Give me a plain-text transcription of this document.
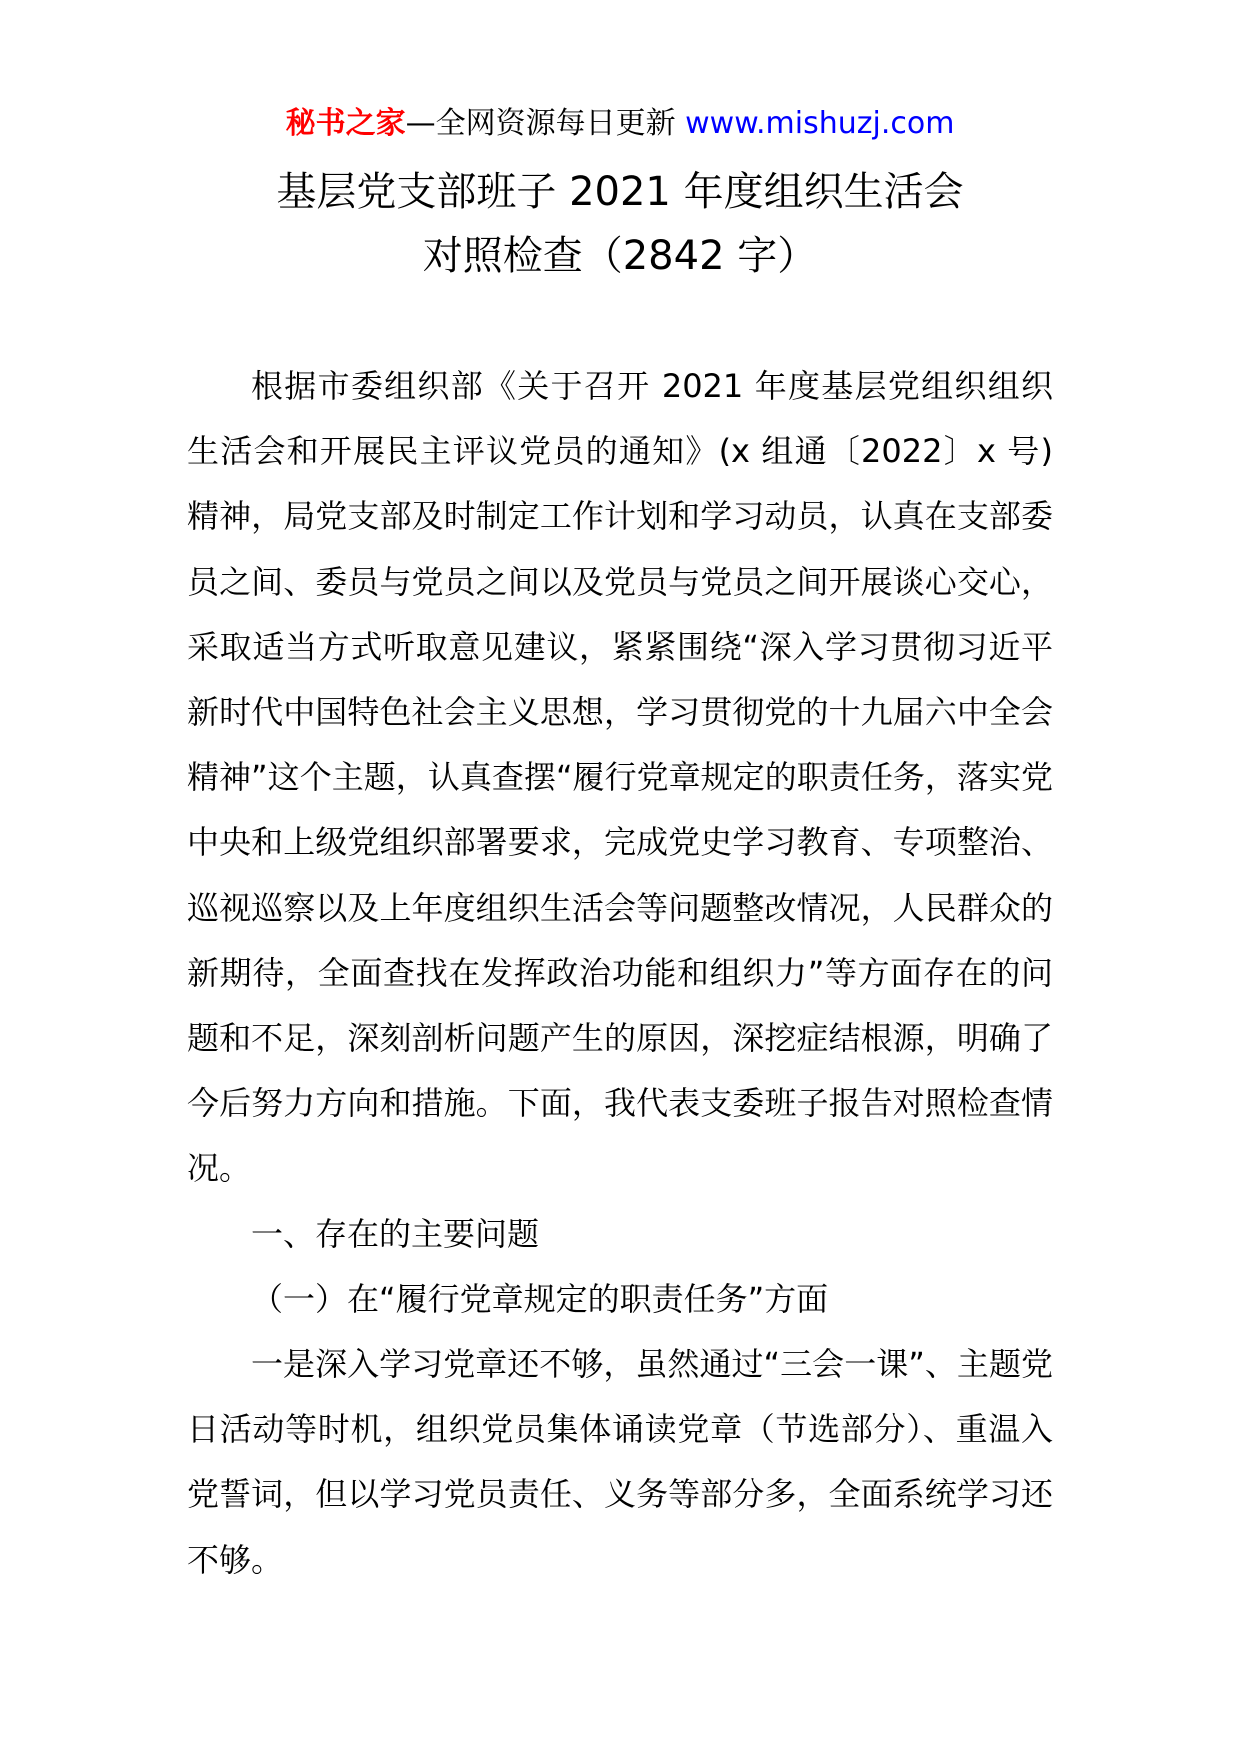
秘书之家—全网资源每日更新 www.mishuzj.com
基层党支部班子 2021 年度组织生活会
对照检查（2842 字）

根据市委组织部《关于召开 2021 年度基层党组织组织生活会和开展民主评议党员的通知》(x 组通〔2022〕x 号)精神，局党支部及时制定工作计划和学习动员，认真在支部委员之间、委员与党员之间以及党员与党员之间开展谈心交心，采取适当方式听取意见建议，紧紧围绕“深入学习贯彻习近平新时代中国特色社会主义思想，学习贯彻党的十九届六中全会精神”这个主题，认真查摆“履行党章规定的职责任务，落实党中央和上级党组织部署要求，完成党史学习教育、专项整治、巡视巡察以及上年度组织生活会等问题整改情况，人民群众的新期待，全面查找在发挥政治功能和组织力”等方面存在的问题和不足，深刻剖析问题产生的原因，深挖症结根源，明确了今后努力方向和措施。下面，我代表支委班子报告对照检查情况。

一、存在的主要问题

（一）在“履行党章规定的职责任务”方面

一是深入学习党章还不够，虽然通过“三会一课”、主题党日活动等时机，组织党员集体诵读党章（节选部分）、重温入党誓词，但以学习党员责任、义务等部分多，全面系统学习还不够。
